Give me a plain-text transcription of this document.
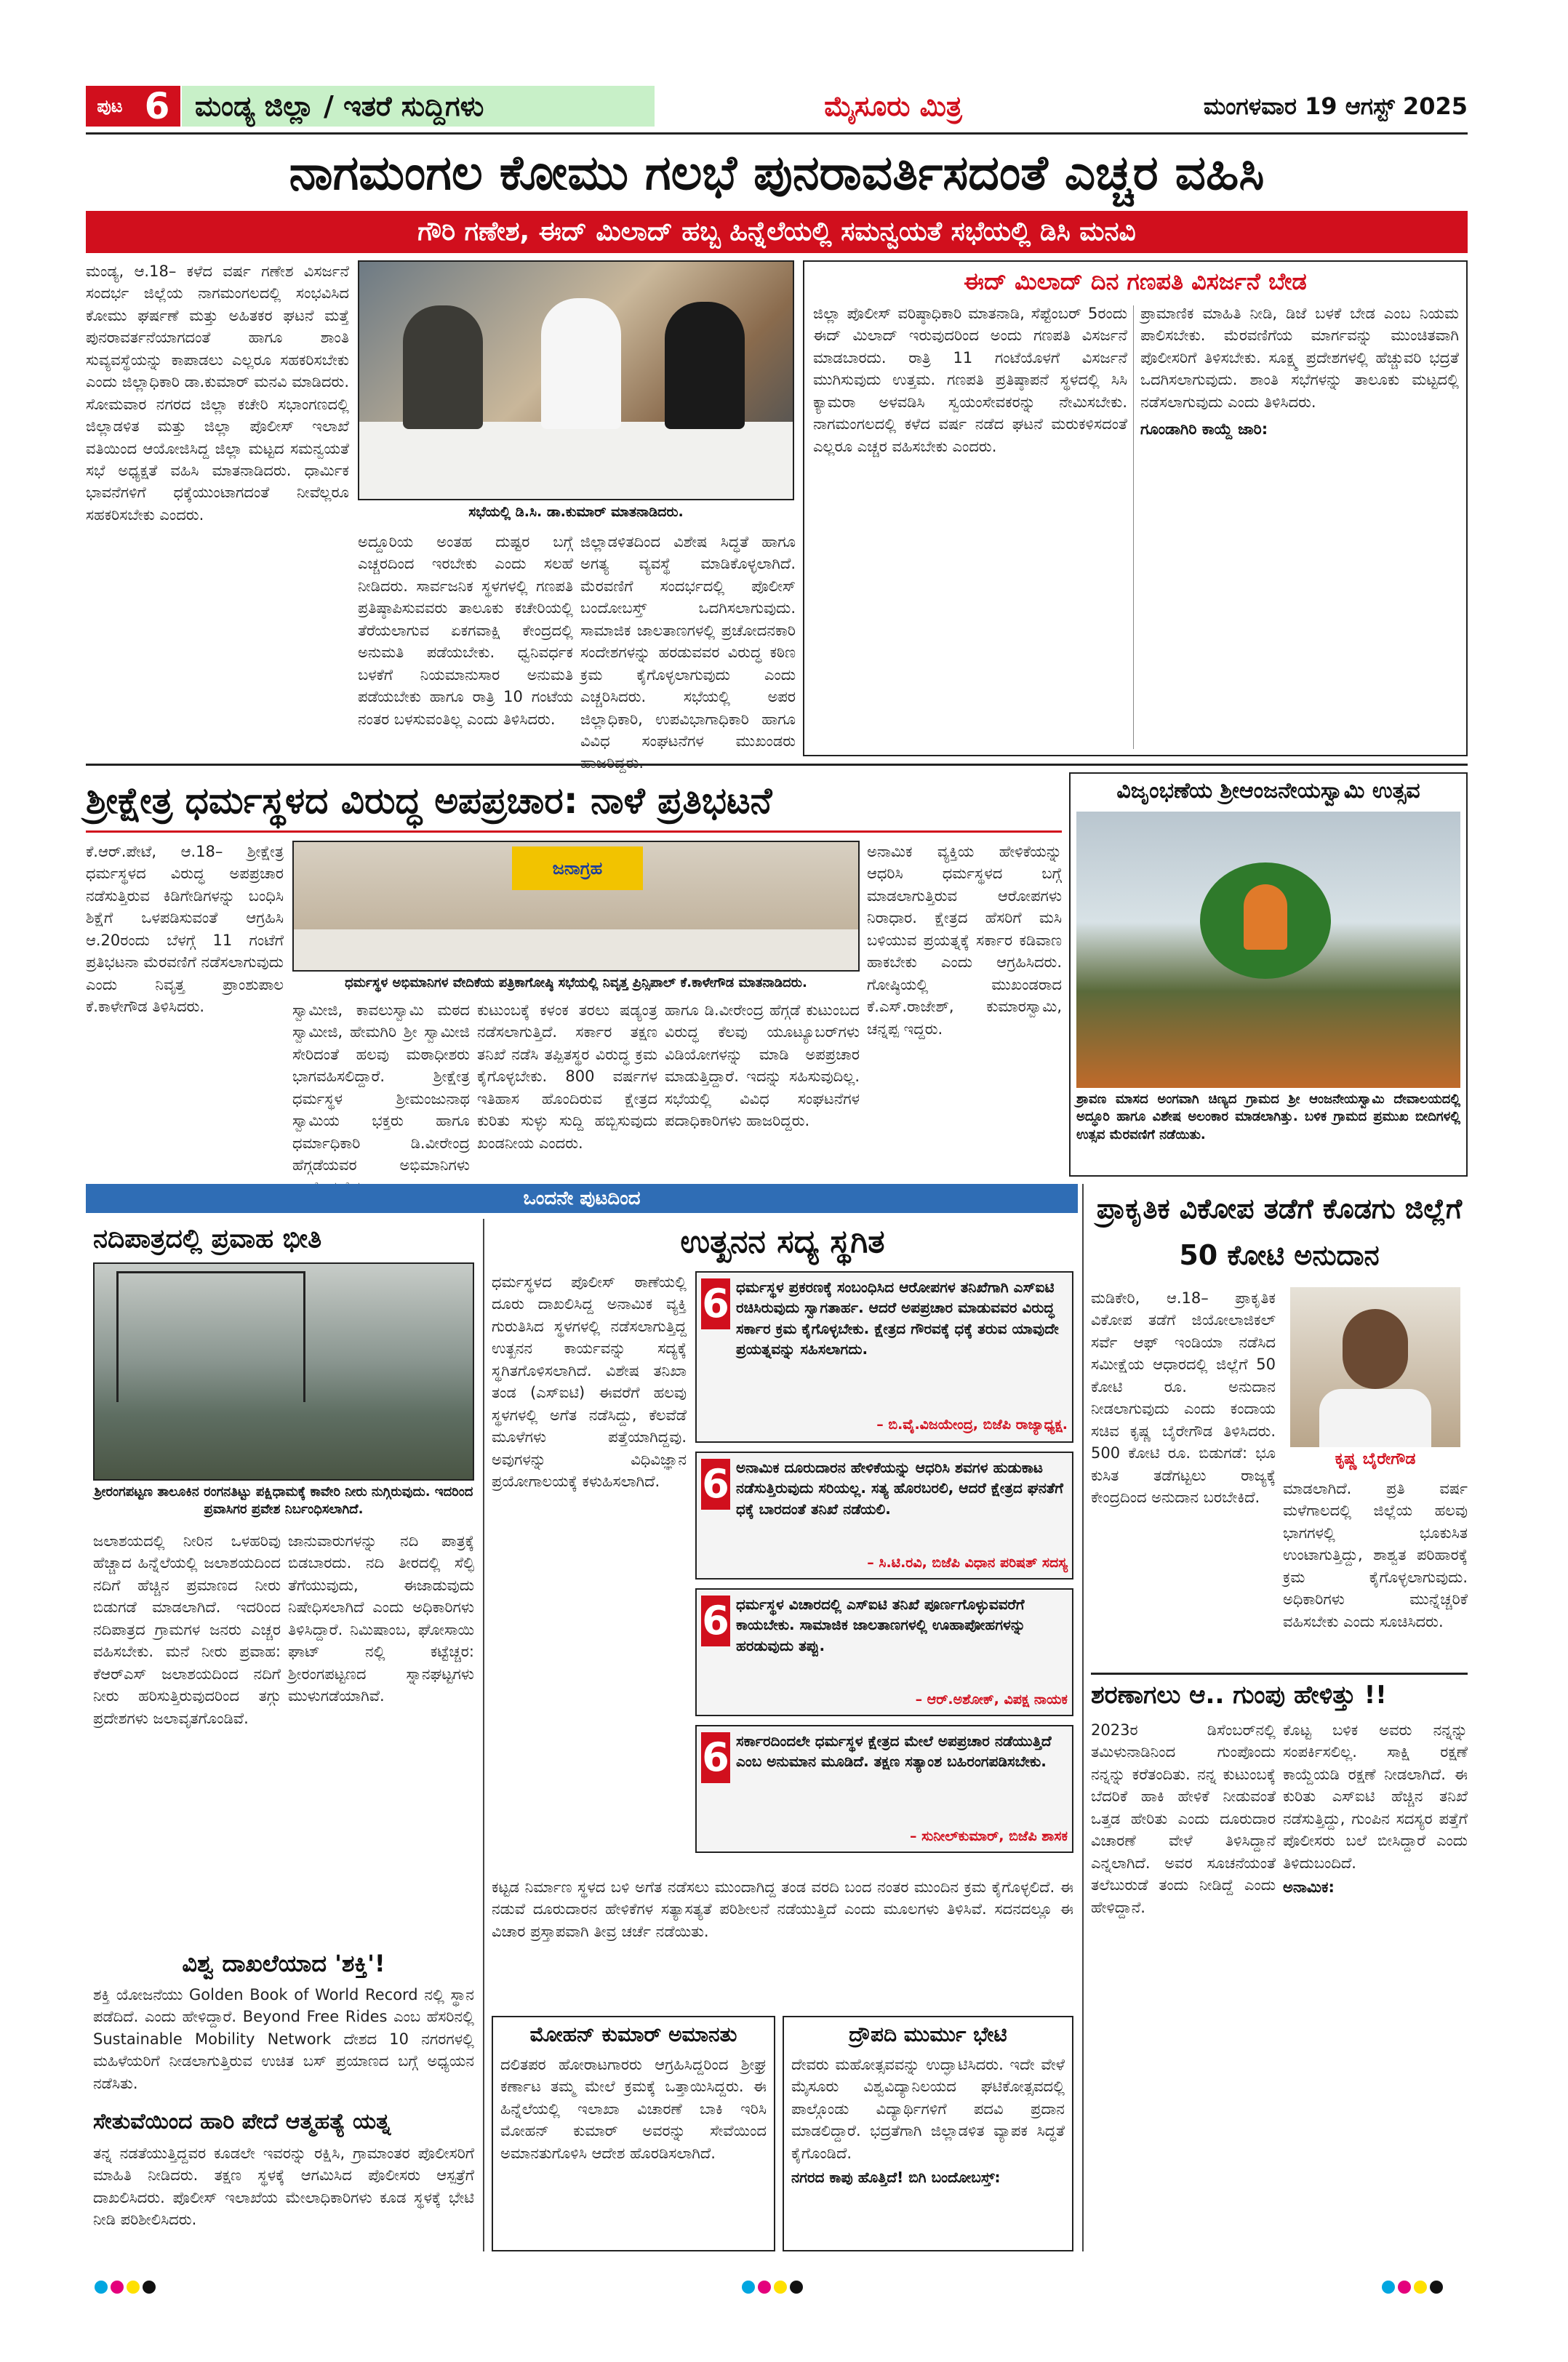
ಪುಟ 6 ಮಂಡ್ಯ ಜಿಲ್ಲಾ / ಇತರೆ ಸುದ್ದಿಗಳು	ಮೈಸೂರು ಮಿತ್ರ	ಮಂಗಳವಾರ 19 ಆಗಸ್ಟ್ 2025
ನಾಗಮಂಗಲ ಕೋಮು ಗಲಭೆ ಪುನರಾವರ್ತಿಸದಂತೆ ಎಚ್ಚರ ವಹಿಸಿ
ಗೌರಿ ಗಣೇಶ, ಈದ್ ಮಿಲಾದ್ ಹಬ್ಬ ಹಿನ್ನೆಲೆಯಲ್ಲಿ ಸಮನ್ವಯತೆ ಸಭೆಯಲ್ಲಿ ಡಿಸಿ ಮನವಿ
ಮಂಡ್ಯ, ಆ.18– ಕಳೆದ ವರ್ಷ ಗಣೇಶ ವಿಸರ್ಜನೆ ಸಂದರ್ಭ ಜಿಲ್ಲೆಯ ನಾಗಮಂಗಲದಲ್ಲಿ ಸಂಭವಿಸಿದ ಕೋಮು ಘರ್ಷಣೆ ಮತ್ತು ಅಹಿತಕರ ಘಟನೆ ಮತ್ತೆ ಪುನರಾವರ್ತನೆಯಾಗದಂತೆ ಹಾಗೂ ಶಾಂತಿ ಸುವ್ಯವಸ್ಥೆಯನ್ನು ಕಾಪಾಡಲು ಎಲ್ಲರೂ ಸಹಕರಿಸಬೇಕು ಎಂದು ಜಿಲ್ಲಾಧಿಕಾರಿ ಡಾ.ಕುಮಾರ್ ಮನವಿ ಮಾಡಿದರು. ಸೋಮವಾರ ನಗರದ ಜಿಲ್ಲಾ ಕಚೇರಿ ಸಭಾಂಗಣದಲ್ಲಿ ಜಿಲ್ಲಾಡಳಿತ ಮತ್ತು ಜಿಲ್ಲಾ ಪೊಲೀಸ್ ಇಲಾಖೆ ವತಿಯಿಂದ ಆಯೋಜಿಸಿದ್ದ ಜಿಲ್ಲಾ ಮಟ್ಟದ ಸಮನ್ವಯತೆ ಸಭೆ ಅಧ್ಯಕ್ಷತೆ ವಹಿಸಿ ಮಾತನಾಡಿದರು. ಧಾರ್ಮಿಕ ಭಾವನೆಗಳಿಗೆ ಧಕ್ಕೆಯುಂಟಾಗದಂತೆ ನೀವೆಲ್ಲರೂ ಸಹಕರಿಸಬೇಕು ಎಂದರು.	ಸಭೆಯಲ್ಲಿ ಡಿ.ಸಿ. ಡಾ.ಕುಮಾರ್ ಮಾತನಾಡಿದರು.
ಅದ್ದೂರಿಯ ಅಂತಹ ದುಷ್ಟರ ಬಗ್ಗೆ ಎಚ್ಚರದಿಂದ ಇರಬೇಕು ಎಂದು ಸಲಹೆ ನೀಡಿದರು. ಸಾರ್ವಜನಿಕ ಸ್ಥಳಗಳಲ್ಲಿ ಗಣಪತಿ ಪ್ರತಿಷ್ಠಾಪಿಸುವವರು ತಾಲೂಕು ಕಚೇರಿಯಲ್ಲಿ ತೆರೆಯಲಾಗುವ ಏಕಗವಾಕ್ಷಿ ಕೇಂದ್ರದಲ್ಲಿ ಅನುಮತಿ ಪಡೆಯಬೇಕು. ಧ್ವನಿವರ್ಧಕ ಬಳಕೆಗೆ ನಿಯಮಾನುಸಾರ ಅನುಮತಿ ಪಡೆಯಬೇಕು ಹಾಗೂ ರಾತ್ರಿ 10 ಗಂಟೆಯ ನಂತರ ಬಳಸುವಂತಿಲ್ಲ ಎಂದು ತಿಳಿಸಿದರು.
ಜಿಲ್ಲಾಡಳಿತದಿಂದ ವಿಶೇಷ ಸಿದ್ಧತೆ ಹಾಗೂ ಅಗತ್ಯ ವ್ಯವಸ್ಥೆ ಮಾಡಿಕೊಳ್ಳಲಾಗಿದೆ. ಮೆರವಣಿಗೆ ಸಂದರ್ಭದಲ್ಲಿ ಪೊಲೀಸ್ ಬಂದೋಬಸ್ತ್ ಒದಗಿಸಲಾಗುವುದು. ಸಾಮಾಜಿಕ ಜಾಲತಾಣಗಳಲ್ಲಿ ಪ್ರಚೋದನಕಾರಿ ಸಂದೇಶಗಳನ್ನು ಹರಡುವವರ ವಿರುದ್ಧ ಕಠಿಣ ಕ್ರಮ ಕೈಗೊಳ್ಳಲಾಗುವುದು ಎಂದು ಎಚ್ಚರಿಸಿದರು. ಸಭೆಯಲ್ಲಿ ಅಪರ ಜಿಲ್ಲಾಧಿಕಾರಿ, ಉಪವಿಭಾಗಾಧಿಕಾರಿ ಹಾಗೂ ವಿವಿಧ ಸಂಘಟನೆಗಳ ಮುಖಂಡರು
ಈದ್ ಮಿಲಾದ್ ದಿನ ಗಣಪತಿ ವಿಸರ್ಜನೆ ಬೇಡ
ಜಿಲ್ಲಾ ಪೊಲೀಸ್ ವರಿಷ್ಠಾಧಿಕಾರಿ ಮಾತನಾಡಿ, ಸೆಪ್ಟೆಂಬರ್ 5ರಂದು ಈದ್ ಮಿಲಾದ್ ಇರುವುದರಿಂದ ಅಂದು ಗಣಪತಿ ವಿಸರ್ಜನೆ ಮಾಡಬಾರದು. ರಾತ್ರಿ 11 ಗಂಟೆಯೊಳಗೆ ವಿಸರ್ಜನೆ ಮುಗಿಸುವುದು ಉತ್ತಮ. ಗಣಪತಿ ಪ್ರತಿಷ್ಠಾಪನೆ ಸ್ಥಳದಲ್ಲಿ ಸಿಸಿ ಕ್ಯಾಮರಾ ಅಳವಡಿಸಿ ಸ್ವಯಂಸೇವಕರನ್ನು ನೇಮಿಸಬೇಕು. ನಾಗಮಂಗಲದಲ್ಲಿ ಕಳೆದ ವರ್ಷ ನಡೆದ ಘಟನೆ ಮರುಕಳಿಸದಂತೆ ಎಲ್ಲರೂ ಎಚ್ಚರ ವಹಿಸಬೇಕು ಎಂದರು.
ಪ್ರಾಮಾಣಿಕ ಮಾಹಿತಿ ನೀಡಿ, ಡಿಜೆ ಬಳಕೆ ಬೇಡ ಎಂಬ ನಿಯಮ ಪಾಲಿಸಬೇಕು. ಮೆರವಣಿಗೆಯ ಮಾರ್ಗವನ್ನು ಮುಂಚಿತವಾಗಿ ಪೊಲೀಸರಿಗೆ ತಿಳಿಸಬೇಕು. ಸೂಕ್ಷ್ಮ ಪ್ರದೇಶಗಳಲ್ಲಿ ಹೆಚ್ಚುವರಿ ಭದ್ರತೆ ಒದಗಿಸಲಾಗುವುದು. ಶಾಂತಿ ಸಭೆಗಳನ್ನು ತಾಲೂಕು ಮಟ್ಟದಲ್ಲಿ ನಡೆಸಲಾಗುವುದು ಎಂದು ತಿಳಿಸಿದರು.
ಗೂಂಡಾಗಿರಿ ಕಾಯ್ದೆ ಜಾರಿ:
ಶ್ರೀಕ್ಷೇತ್ರ ಧರ್ಮಸ್ಥಳದ ವಿರುದ್ಧ ಅಪಪ್ರಚಾರ: ನಾಳೆ ಪ್ರತಿಭಟನೆ
ಕೆ.ಆರ್.ಪೇಟೆ, ಆ.18– ಶ್ರೀಕ್ಷೇತ್ರ ಧರ್ಮಸ್ಥಳದ ವಿರುದ್ಧ ಅಪಪ್ರಚಾರ ನಡೆಸುತ್ತಿರುವ ಕಿಡಿಗೇಡಿಗಳನ್ನು ಬಂಧಿಸಿ ಶಿಕ್ಷೆಗೆ ಒಳಪಡಿಸುವಂತೆ ಆಗ್ರಹಿಸಿ ಆ.20ರಂದು ಬೆಳಗ್ಗೆ 11 ಗಂಟೆಗೆ ಪ್ರತಿಭಟನಾ ಮೆರವಣಿಗೆ ನಡೆಸಲಾಗುವುದು ಎಂದು ನಿವೃತ್ತ ಪ್ರಾಂಶುಪಾಲ ಕೆ.ಕಾಳೇಗೌಡ ತಿಳಿಸಿದರು.
ಜನಾಗ್ರಹ
ಧರ್ಮಸ್ಥಳ ಅಭಿಮಾನಿಗಳ ವೇದಿಕೆಯ ಪತ್ರಿಕಾಗೋಷ್ಠಿ ಸಭೆಯಲ್ಲಿ ನಿವೃತ್ತ ಪ್ರಿನ್ಸಿಪಾಲ್ ಕೆ.ಕಾಳೇಗೌಡ ಮಾತನಾಡಿದರು.
ಸ್ವಾಮೀಜಿ, ಕಾವಲುಸ್ವಾಮಿ ಮಠದ ಸ್ವಾಮೀಜಿ, ಹೇಮಗಿರಿ ಶ್ರೀ ಸ್ವಾಮೀಜಿ ಸೇರಿದಂತೆ ಹಲವು ಮಠಾಧೀಶರು ಭಾಗವಹಿಸಲಿದ್ದಾರೆ. ಶ್ರೀಕ್ಷೇತ್ರ ಧರ್ಮಸ್ಥಳ ಶ್ರೀಮಂಜುನಾಥ ಸ್ವಾಮಿಯ ಭಕ್ತರು ಹಾಗೂ ಧರ್ಮಾಧಿಕಾರಿ ಡಿ.ವೀರೇಂದ್ರ ಹೆಗ್ಗಡೆಯವರ ಅಭಿಮಾನಿಗಳು
ಕುಟುಂಬಕ್ಕೆ ಕಳಂಕ ತರಲು ಷಡ್ಯಂತ್ರ ನಡೆಸಲಾಗುತ್ತಿದೆ. ಸರ್ಕಾರ ತಕ್ಷಣ ತನಿಖೆ ನಡೆಸಿ ತಪ್ಪಿತಸ್ಥರ ವಿರುದ್ಧ ಕ್ರಮ ಕೈಗೊಳ್ಳಬೇಕು. 800 ವರ್ಷಗಳ ಇತಿಹಾಸ ಹೊಂದಿರುವ ಕ್ಷೇತ್ರದ ಕುರಿತು ಸುಳ್ಳು ಸುದ್ದಿ ಹಬ್ಬಿಸುವುದು ಖಂಡನೀಯ ಎಂದರು.
ಹಾಗೂ ಡಿ.ವೀರೇಂದ್ರ ಹೆಗ್ಗಡೆ ಕುಟುಂಬದ ವಿರುದ್ಧ ಕೆಲವು ಯೂಟ್ಯೂಬರ್‌ಗಳು ವಿಡಿಯೋಗಳನ್ನು ಮಾಡಿ ಅಪಪ್ರಚಾರ ಮಾಡುತ್ತಿದ್ದಾರೆ. ಇದನ್ನು ಸಹಿಸುವುದಿಲ್ಲ. ಸಭೆಯಲ್ಲಿ ವಿವಿಧ ಸಂಘಟನೆಗಳ ಪದಾಧಿಕಾರಿಗಳು ಹಾಜರಿದ್ದರು.
ಅನಾಮಿಕ ವ್ಯಕ್ತಿಯ ಹೇಳಿಕೆಯನ್ನು ಆಧರಿಸಿ ಧರ್ಮಸ್ಥಳದ ಬಗ್ಗೆ ಮಾಡಲಾಗುತ್ತಿರುವ ಆರೋಪಗಳು ನಿರಾಧಾರ. ಕ್ಷೇತ್ರದ ಹೆಸರಿಗೆ ಮಸಿ ಬಳಿಯುವ ಪ್ರಯತ್ನಕ್ಕೆ ಸರ್ಕಾರ ಕಡಿವಾಣ ಹಾಕಬೇಕು ಎಂದು ಆಗ್ರಹಿಸಿದರು. ಗೋಷ್ಠಿಯಲ್ಲಿ ಮುಖಂಡರಾದ ಕೆ.ಎಸ್.ರಾಜೇಶ್, ಕುಮಾರಸ್ವಾಮಿ, ಚನ್ನಪ್ಪ ಇದ್ದರು.
ವಿಜೃಂಭಣೆಯ ಶ್ರೀಆಂಜನೇಯಸ್ವಾಮಿ ಉತ್ಸವ
ಶ್ರಾವಣ ಮಾಸದ ಅಂಗವಾಗಿ ಚಿಣ್ಯದ ಗ್ರಾಮದ ಶ್ರೀ ಆಂಜನೇಯಸ್ವಾಮಿ ದೇವಾಲಯದಲ್ಲಿ ಅದ್ಧೂರಿ ಹಾಗೂ ವಿಶೇಷ ಅಲಂಕಾರ ಮಾಡಲಾಗಿತ್ತು. ಬಳಿಕ ಗ್ರಾಮದ ಪ್ರಮುಖ ಬೀದಿಗಳಲ್ಲಿ ಉತ್ಸವ ಮೆರವಣಿಗೆ ನಡೆಯಿತು.
ಒಂದನೇ ಪುಟದಿಂದ
ನದಿಪಾತ್ರದಲ್ಲಿ ಪ್ರವಾಹ ಭೀತಿ
ಶ್ರೀರಂಗಪಟ್ಟಣ ತಾಲೂಕಿನ ರಂಗನತಿಟ್ಟು ಪಕ್ಷಿಧಾಮಕ್ಕೆ ಕಾವೇರಿ ನೀರು ನುಗ್ಗಿರುವುದು. ಇದರಿಂದ ಪ್ರವಾಸಿಗರ ಪ್ರವೇಶ ನಿರ್ಬಂಧಿಸಲಾಗಿದೆ.
ಜಲಾಶಯದಲ್ಲಿ ನೀರಿನ ಒಳಹರಿವು ಹೆಚ್ಚಾದ ಹಿನ್ನೆಲೆಯಲ್ಲಿ ಜಲಾಶಯದಿಂದ ನದಿಗೆ ಹೆಚ್ಚಿನ ಪ್ರಮಾಣದ ನೀರು ಬಿಡುಗಡೆ ಮಾಡಲಾಗಿದೆ. ಇದರಿಂದ ನದಿಪಾತ್ರದ ಗ್ರಾಮಗಳ ಜನರು ಎಚ್ಚರ ವಹಿಸಬೇಕು. ಮನೆ ನೀರು ಪ್ರವಾಹ: ಕೆಆರ್‌ಎಸ್ ಜಲಾಶಯದಿಂದ ನದಿಗೆ ನೀರು ಹರಿಸುತ್ತಿರುವುದರಿಂದ ತಗ್ಗು ಪ್ರದೇಶಗಳು ಜಲಾವೃತಗೊಂಡಿವೆ.
ಜಾನುವಾರುಗಳನ್ನು ನದಿ ಪಾತ್ರಕ್ಕೆ ಬಿಡಬಾರದು. ನದಿ ತೀರದಲ್ಲಿ ಸೆಲ್ಫಿ ತೆಗೆಯುವುದು, ಈಜಾಡುವುದು ನಿಷೇಧಿಸಲಾಗಿದೆ ಎಂದು ಅಧಿಕಾರಿಗಳು ತಿಳಿಸಿದ್ದಾರೆ. ನಿಮಿಷಾಂಬ, ಘೋಸಾಯಿ ಘಾಟ್ ನಲ್ಲಿ ಕಟ್ಟೆಚ್ಚರ: ಶ್ರೀರಂಗಪಟ್ಟಣದ ಸ್ನಾನಘಟ್ಟಗಳು ಮುಳುಗಡೆಯಾಗಿವೆ.
ವಿಶ್ವ ದಾಖಲೆಯಾದ 'ಶಕ್ತಿ'!
ಶಕ್ತಿ ಯೋಜನೆಯು Golden Book of World Record ನಲ್ಲಿ ಸ್ಥಾನ ಪಡೆದಿದೆ. ಎಂದು ಹೇಳಿದ್ದಾರೆ. Beyond Free Rides ಎಂಬ ಹೆಸರಿನಲ್ಲಿ Sustainable Mobility Network ದೇಶದ 10 ನಗರಗಳಲ್ಲಿ ಮಹಿಳೆಯರಿಗೆ ನೀಡಲಾಗುತ್ತಿರುವ ಉಚಿತ ಬಸ್ ಪ್ರಯಾಣದ ಬಗ್ಗೆ ಅಧ್ಯಯನ ನಡೆಸಿತು.
ಸೇತುವೆಯಿಂದ ಹಾರಿ ಪೇದೆ ಆತ್ಮಹತ್ಯೆ ಯತ್ನ
ತನ್ನ ನಡತೆಯುತ್ತಿದ್ದವರ ಕೂಡಲೇ ಇವರನ್ನು ರಕ್ಷಿಸಿ, ಗ್ರಾಮಾಂತರ ಪೊಲೀಸರಿಗೆ ಮಾಹಿತಿ ನೀಡಿದರು. ತಕ್ಷಣ ಸ್ಥಳಕ್ಕೆ ಆಗಮಿಸಿದ ಪೊಲೀಸರು ಆಸ್ಪತ್ರೆಗೆ ದಾಖಲಿಸಿದರು. ಪೊಲೀಸ್ ಇಲಾಖೆಯ ಮೇಲಾಧಿಕಾರಿಗಳು ಕೂಡ ಸ್ಥಳಕ್ಕೆ ಭೇಟಿ ನೀಡಿ ಪರಿಶೀಲಿಸಿದರು.
ಉತ್ಖನನ ಸದ್ಯ ಸ್ಥಗಿತ
ಧರ್ಮಸ್ಥಳದ ಪೊಲೀಸ್ ಠಾಣೆಯಲ್ಲಿ ದೂರು ದಾಖಲಿಸಿದ್ದ ಅನಾಮಿಕ ವ್ಯಕ್ತಿ ಗುರುತಿಸಿದ ಸ್ಥಳಗಳಲ್ಲಿ ನಡೆಸಲಾಗುತ್ತಿದ್ದ ಉತ್ಖನನ ಕಾರ್ಯವನ್ನು ಸದ್ಯಕ್ಕೆ ಸ್ಥಗಿತಗೊಳಿಸಲಾಗಿದೆ. ವಿಶೇಷ ತನಿಖಾ ತಂಡ (ಎಸ್‌ಐಟಿ) ಈವರೆಗೆ ಹಲವು ಸ್ಥಳಗಳಲ್ಲಿ ಅಗೆತ ನಡೆಸಿದ್ದು, ಕೆಲವೆಡೆ ಮೂಳೆಗಳು ಪತ್ತೆಯಾಗಿದ್ದವು. ಅವುಗಳನ್ನು ವಿಧಿವಿಜ್ಞಾನ ಪ್ರಯೋಗಾಲಯಕ್ಕೆ ಕಳುಹಿಸಲಾಗಿದೆ.
6 ಧರ್ಮಸ್ಥಳ ಪ್ರಕರಣಕ್ಕೆ ಸಂಬಂಧಿಸಿದ ಆರೋಪಗಳ ತನಿಖೆಗಾಗಿ ಎಸ್‌ಐಟಿ ರಚಿಸಿರುವುದು ಸ್ವಾಗತಾರ್ಹ. ಆದರೆ ಅಪಪ್ರಚಾರ ಮಾಡುವವರ ವಿರುದ್ಧ ಸರ್ಕಾರ ಕ್ರಮ ಕೈಗೊಳ್ಳಬೇಕು. ಕ್ಷೇತ್ರದ ಗೌರವಕ್ಕೆ ಧಕ್ಕೆ ತರುವ ಯಾವುದೇ ಪ್ರಯತ್ನವನ್ನು ಸಹಿಸಲಾಗದು.
– ಬಿ.ವೈ.ವಿಜಯೇಂದ್ರ, ಬಿಜೆಪಿ ರಾಜ್ಯಾಧ್ಯಕ್ಷ.
6 ಅನಾಮಿಕ ದೂರುದಾರನ ಹೇಳಿಕೆಯನ್ನು ಆಧರಿಸಿ ಶವಗಳ ಹುಡುಕಾಟ ನಡೆಸುತ್ತಿರುವುದು ಸರಿಯಲ್ಲ. ಸತ್ಯ ಹೊರಬರಲಿ, ಆದರೆ ಕ್ಷೇತ್ರದ ಘನತೆಗೆ ಧಕ್ಕೆ ಬಾರದಂತೆ ತನಿಖೆ ನಡೆಯಲಿ.
– ಸಿ.ಟಿ.ರವಿ, ಬಿಜೆಪಿ ವಿಧಾನ ಪರಿಷತ್ ಸದಸ್ಯ
6 ಧರ್ಮಸ್ಥಳ ವಿಚಾರದಲ್ಲಿ ಎಸ್‌ಐಟಿ ತನಿಖೆ ಪೂರ್ಣಗೊಳ್ಳುವವರೆಗೆ ಕಾಯಬೇಕು. ಸಾಮಾಜಿಕ ಜಾಲತಾಣಗಳಲ್ಲಿ ಊಹಾಪೋಹಗಳನ್ನು ಹರಡುವುದು ತಪ್ಪು.
– ಆರ್.ಅಶೋಕ್, ವಿಪಕ್ಷ ನಾಯಕ
6 ಸರ್ಕಾರದಿಂದಲೇ ಧರ್ಮಸ್ಥಳ ಕ್ಷೇತ್ರದ ಮೇಲೆ ಅಪಪ್ರಚಾರ ನಡೆಯುತ್ತಿದೆ ಎಂಬ ಅನುಮಾನ ಮೂಡಿದೆ. ತಕ್ಷಣ ಸತ್ಯಾಂಶ ಬಹಿರಂಗಪಡಿಸಬೇಕು.
– ಸುನೀಲ್‌ಕುಮಾರ್, ಬಿಜೆಪಿ ಶಾಸಕ
ಕಟ್ಟಡ ನಿರ್ಮಾಣ ಸ್ಥಳದ ಬಳಿ ಅಗೆತ ನಡೆಸಲು ಮುಂದಾಗಿದ್ದ ತಂಡ ವರದಿ ಬಂದ ನಂತರ ಮುಂದಿನ ಕ್ರಮ ಕೈಗೊಳ್ಳಲಿದೆ. ಈ ನಡುವೆ ದೂರುದಾರನ ಹೇಳಿಕೆಗಳ ಸತ್ಯಾಸತ್ಯತೆ ಪರಿಶೀಲನೆ ನಡೆಯುತ್ತಿದೆ ಎಂದು ಮೂಲಗಳು ತಿಳಿಸಿವೆ. ಸದನದಲ್ಲೂ ಈ ವಿಚಾರ ಪ್ರಸ್ತಾಪವಾಗಿ ತೀವ್ರ ಚರ್ಚೆ ನಡೆಯಿತು.
ಮೋಹನ್ ಕುಮಾರ್ ಅಮಾನತು
ದಲಿತಪರ ಹೋರಾಟಗಾರರು ಆಗ್ರಹಿಸಿದ್ದರಿಂದ ಶ್ರೀಘ್ರ ಕರ್ಣಾಟ ತಮ್ಮ ಮೇಲೆ ಕ್ರಮಕ್ಕೆ ಒತ್ತಾಯಿಸಿದ್ದರು. ಈ ಹಿನ್ನೆಲೆಯಲ್ಲಿ ಇಲಾಖಾ ವಿಚಾರಣೆ ಬಾಕಿ ಇರಿಸಿ ಮೋಹನ್ ಕುಮಾರ್ ಅವರನ್ನು ಸೇವೆಯಿಂದ ಅಮಾನತುಗೊಳಿಸಿ ಆದೇಶ ಹೊರಡಿಸಲಾಗಿದೆ.
ದ್ರೌಪದಿ ಮುರ್ಮು ಭೇಟಿ
ದೇವರು ಮಹೋತ್ಸವವನ್ನು ಉದ್ಘಾಟಿಸಿದರು. ಇದೇ ವೇಳೆ ಮೈಸೂರು ವಿಶ್ವವಿದ್ಯಾನಿಲಯದ ಘಟಿಕೋತ್ಸವದಲ್ಲಿ ಪಾಲ್ಗೊಂಡು ವಿದ್ಯಾರ್ಥಿಗಳಿಗೆ ಪದವಿ ಪ್ರದಾನ ಮಾಡಲಿದ್ದಾರೆ. ಭದ್ರತೆಗಾಗಿ ಜಿಲ್ಲಾಡಳಿತ ವ್ಯಾಪಕ ಸಿದ್ಧತೆ ಕೈಗೊಂಡಿದೆ.
ನಗರದ ಕಾಪು ಹೊತ್ತಿದೆ! ಬಿಗಿ ಬಂದೋಬಸ್ತ್:
ಪ್ರಾಕೃತಿಕ ವಿಕೋಪ ತಡೆಗೆ ಕೊಡಗು ಜಿಲ್ಲೆಗೆ 50 ಕೋಟಿ ಅನುದಾನ
ಮಡಿಕೇರಿ, ಆ.18– ಪ್ರಾಕೃತಿಕ ವಿಕೋಪ ತಡೆಗೆ ಜಿಯೋಲಾಜಿಕಲ್ ಸರ್ವೆ ಆಫ್ ಇಂಡಿಯಾ ನಡೆಸಿದ ಸಮೀಕ್ಷೆಯ ಆಧಾರದಲ್ಲಿ ಜಿಲ್ಲೆಗೆ 50 ಕೋಟಿ ರೂ. ಅನುದಾನ ನೀಡಲಾಗುವುದು ಎಂದು ಕಂದಾಯ ಸಚಿವ ಕೃಷ್ಣ ಬೈರೇಗೌಡ ತಿಳಿಸಿದರು. 500 ಕೋಟಿ ರೂ. ಬಿಡುಗಡೆ: ಭೂ ಕುಸಿತ ತಡೆಗಟ್ಟಲು ರಾಜ್ಯಕ್ಕೆ ಕೇಂದ್ರದಿಂದ ಅನುದಾನ ಬರಬೇಕಿದೆ.
ಕೃಷ್ಣ ಬೈರೇಗೌಡ
ಮಾಡಲಾಗಿದೆ. ಪ್ರತಿ ವರ್ಷ ಮಳೆಗಾಲದಲ್ಲಿ ಜಿಲ್ಲೆಯ ಹಲವು ಭಾಗಗಳಲ್ಲಿ ಭೂಕುಸಿತ ಉಂಟಾಗುತ್ತಿದ್ದು, ಶಾಶ್ವತ ಪರಿಹಾರಕ್ಕೆ ಕ್ರಮ ಕೈಗೊಳ್ಳಲಾಗುವುದು. ಅಧಿಕಾರಿಗಳು ಮುನ್ನೆಚ್ಚರಿಕೆ ವಹಿಸಬೇಕು ಎಂದು ಸೂಚಿಸಿದರು.
ಶರಣಾಗಲು ಆ.. ಗುಂಪು ಹೇಳಿತ್ತು !!
2023ರ ಡಿಸೆಂಬರ್‌ನಲ್ಲಿ ತಮಿಳುನಾಡಿನಿಂದ ಗುಂಪೊಂದು ನನ್ನನ್ನು ಕರೆತಂದಿತು. ನನ್ನ ಕುಟುಂಬಕ್ಕೆ ಬೆದರಿಕೆ ಹಾಕಿ ಹೇಳಿಕೆ ನೀಡುವಂತೆ ಒತ್ತಡ ಹೇರಿತು ಎಂದು ದೂರುದಾರ ವಿಚಾರಣೆ ವೇಳೆ ತಿಳಿಸಿದ್ದಾನೆ ಎನ್ನಲಾಗಿದೆ. ಅವರ ಸೂಚನೆಯಂತೆ ತಲೆಬುರುಡೆ ತಂದು ನೀಡಿದ್ದೆ ಎಂದು ಹೇಳಿದ್ದಾನೆ.
ಕೊಟ್ಟ ಬಳಿಕ ಅವರು ನನ್ನನ್ನು ಸಂಪರ್ಕಿಸಲಿಲ್ಲ. ಸಾಕ್ಷಿ ರಕ್ಷಣೆ ಕಾಯ್ದೆಯಡಿ ರಕ್ಷಣೆ ನೀಡಲಾಗಿದೆ. ಈ ಕುರಿತು ಎಸ್‌ಐಟಿ ಹೆಚ್ಚಿನ ತನಿಖೆ ನಡೆಸುತ್ತಿದ್ದು, ಗುಂಪಿನ ಸದಸ್ಯರ ಪತ್ತೆಗೆ ಪೊಲೀಸರು ಬಲೆ ಬೀಸಿದ್ದಾರೆ ಎಂದು ತಿಳಿದುಬಂದಿದೆ.
ಅನಾಮಿಕ:
